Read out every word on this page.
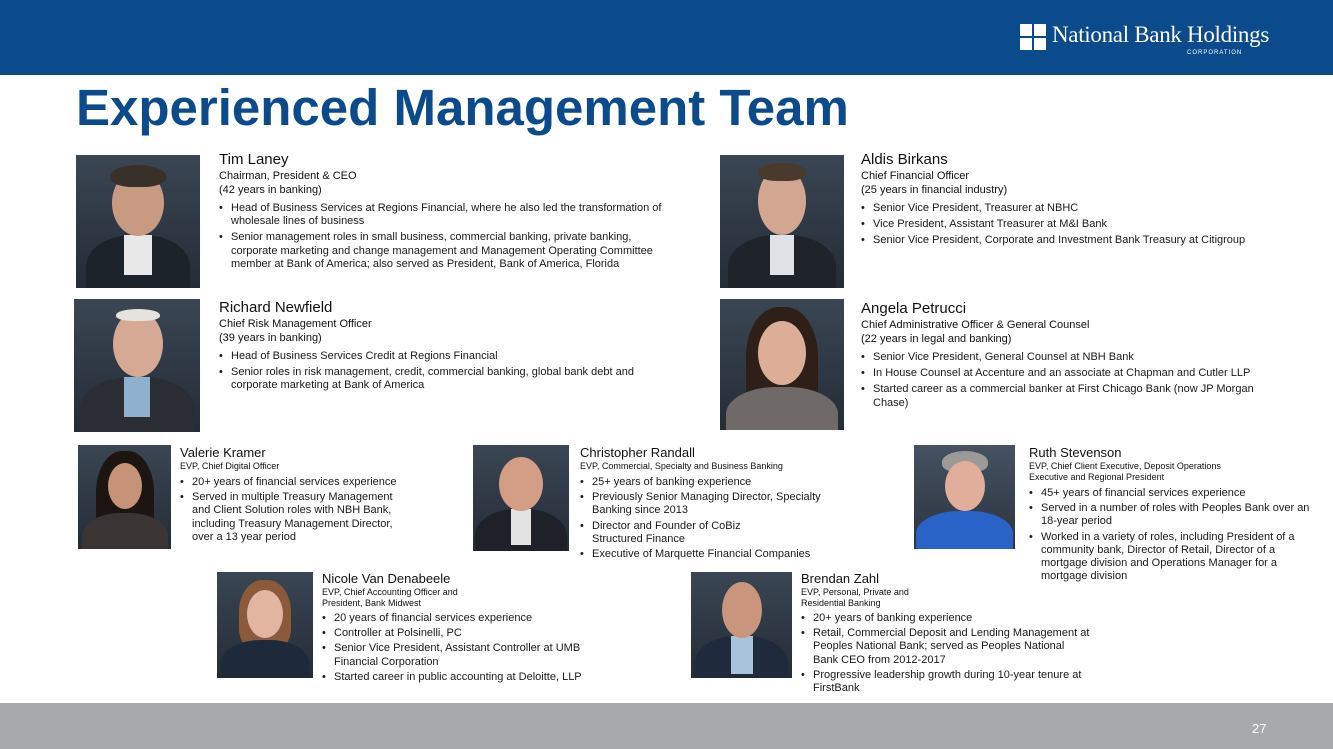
National Bank Holdings
CORPORATION
Experienced Management Team
Tim Laney
Chairman, President & CEO
(42 years in banking)
• Head of Business Services at Regions Financial, where he also led the transformation of wholesale lines of business
• Senior management roles in small business, commercial banking, private banking, corporate marketing and change management and Management Operating Committee member at Bank of America; also served as President, Bank of America, Florida
Aldis Birkans
Chief Financial Officer
(25 years in financial industry)
• Senior Vice President, Treasurer at NBHC
• Vice President, Assistant Treasurer at M&I Bank
• Senior Vice President, Corporate and Investment Bank Treasury at Citigroup
Richard Newfield
Chief Risk Management Officer
(39 years in banking)
• Head of Business Services Credit at Regions Financial
• Senior roles in risk management, credit, commercial banking, global bank debt and corporate marketing at Bank of America
Angela Petrucci
Chief Administrative Officer & General Counsel
(22 years in legal and banking)
• Senior Vice President, General Counsel at NBH Bank
• In House Counsel at Accenture and an associate at Chapman and Cutler LLP
• Started career as a commercial banker at First Chicago Bank (now JP Morgan Chase)
Valerie Kramer
EVP, Chief Digital Officer
• 20+ years of financial services experience
• Served in multiple Treasury Management and Client Solution roles with NBH Bank, including Treasury Management Director, over a 13 year period
Christopher Randall
EVP, Commercial, Specialty and Business Banking
• 25+ years of banking experience
• Previously Senior Managing Director, Specialty Banking since 2013
• Director and Founder of CoBiz Structured Finance
• Executive of Marquette Financial Companies
Ruth Stevenson
EVP, Chief Client Executive, Deposit Operations Executive and Regional President
• 45+ years of financial services experience
• Served in a number of roles with Peoples Bank over an 18-year period
• Worked in a variety of roles, including President of a community bank, Director of Retail, Director of a mortgage division and Operations Manager for a mortgage division
Nicole Van Denabeele
EVP, Chief Accounting Officer and President, Bank Midwest
• 20 years of financial services experience
• Controller at Polsinelli, PC
• Senior Vice President, Assistant Controller at UMB Financial Corporation
• Started career in public accounting at Deloitte, LLP
Brendan Zahl
EVP, Personal, Private and Residential Banking
• 20+ years of banking experience
• Retail, Commercial Deposit and Lending Management at Peoples National Bank; served as Peoples National Bank CEO from 2012-2017
• Progressive leadership growth during 10-year tenure at FirstBank
27
